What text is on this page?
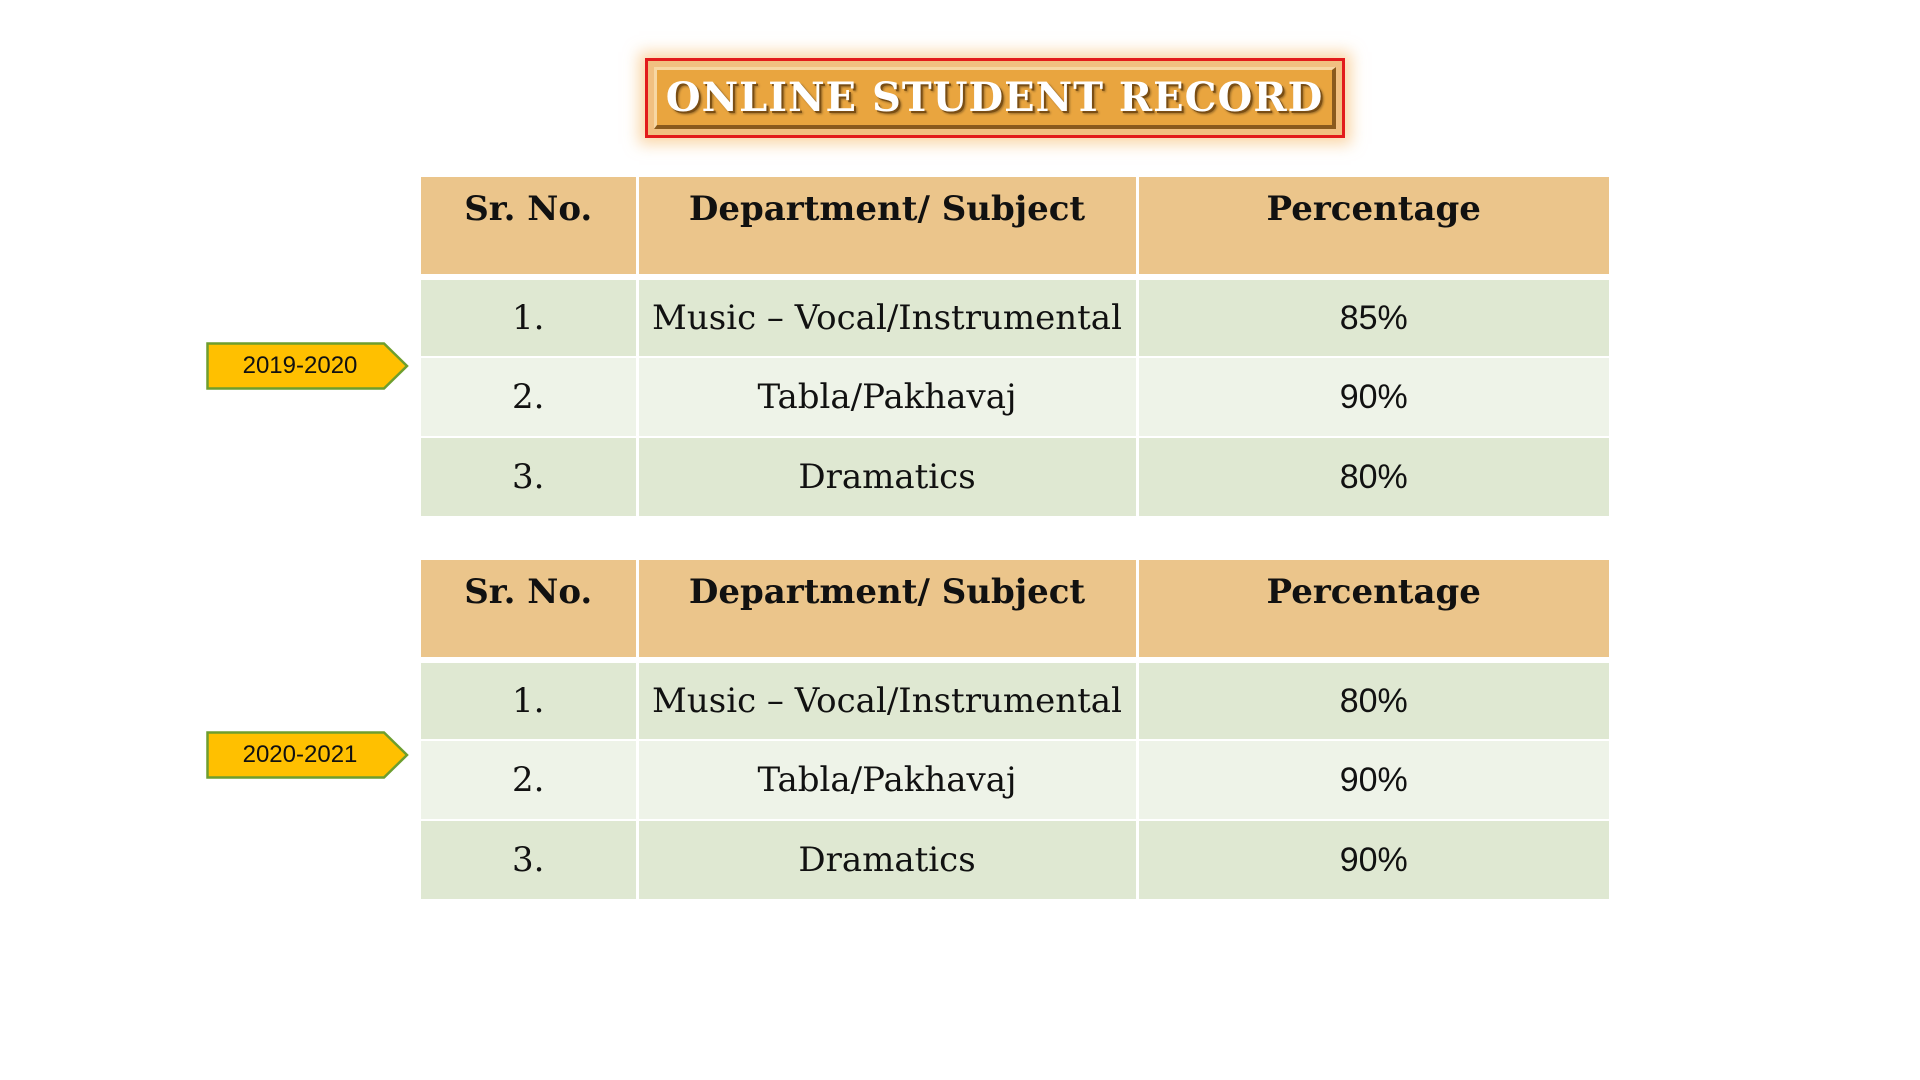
ONLINE STUDENT RECORD
2019-2020
Sr. No.	Department/ Subject	Percentage
1.	Music – Vocal/Instrumental	85%
2.	Tabla/Pakhavaj	90%
3.	Dramatics	80%
2020-2021
Sr. No.	Department/ Subject	Percentage
1.	Music – Vocal/Instrumental	80%
2.	Tabla/Pakhavaj	90%
3.	Dramatics	90%
